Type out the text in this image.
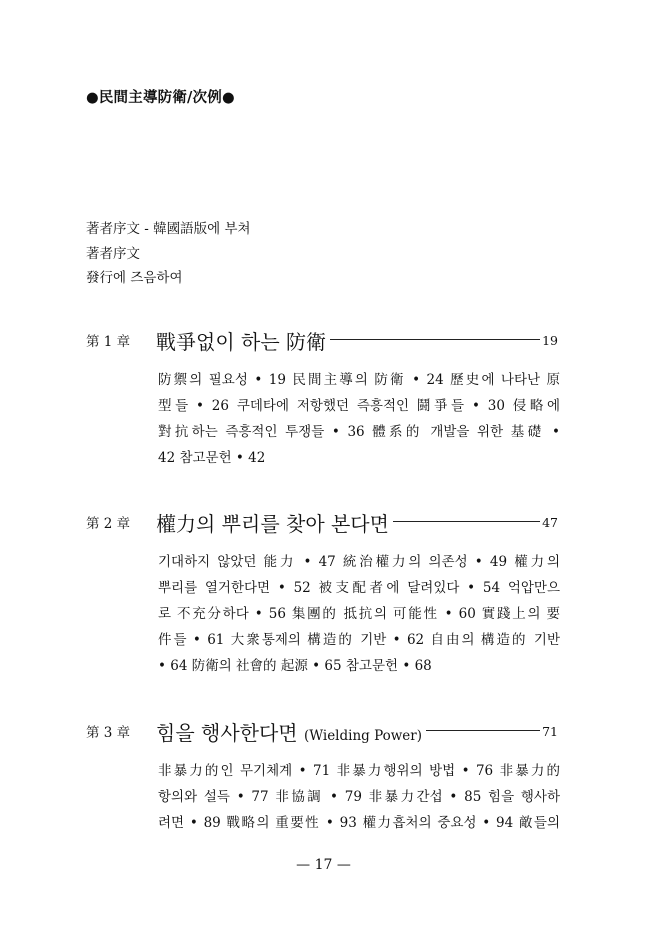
●民間主導防衛/次例●
著者序文 - 韓國語版에 부쳐
著者序文
發行에 즈음하여
第 1 章	戰爭없이 하는 防衛	19
防禦의 필요성 • 19 民間主導의 防衛 • 24 歷史에 나타난 原
型들 • 26 쿠데타에 저항했던 즉흥적인 鬪爭들 • 30 侵略에
對抗하는 즉흥적인 투쟁들 • 36 體系的 개발을 위한 基礎 •
42 참고문헌 • 42
第 2 章	權力의 뿌리를 찾아 본다면	47
기대하지 않았던 能力 • 47 統治權力의 의존성 • 49 權力의
뿌리를 열거한다면 • 52 被支配者에 달려있다 • 54 억압만으
로 不充分하다 • 56 集團的 抵抗의 可能性 • 60 實踐上의 要
件들 • 61 大衆통제의 構造的 기반 • 62 自由의 構造的 기반
• 64 防衛의 社會的 起源 • 65 참고문헌 • 68
第 3 章	힘을 행사한다면 (Wielding Power)	71
非暴力的인 무기체계 • 71 非暴力행위의 방법 • 76 非暴力的
항의와 설득 • 77 非協調 • 79 非暴力간섭 • 85 힘을 행사하
려면 • 89 戰略의 重要性 • 93 權力흡처의 중요성 • 94 敵들의
— 17 —
